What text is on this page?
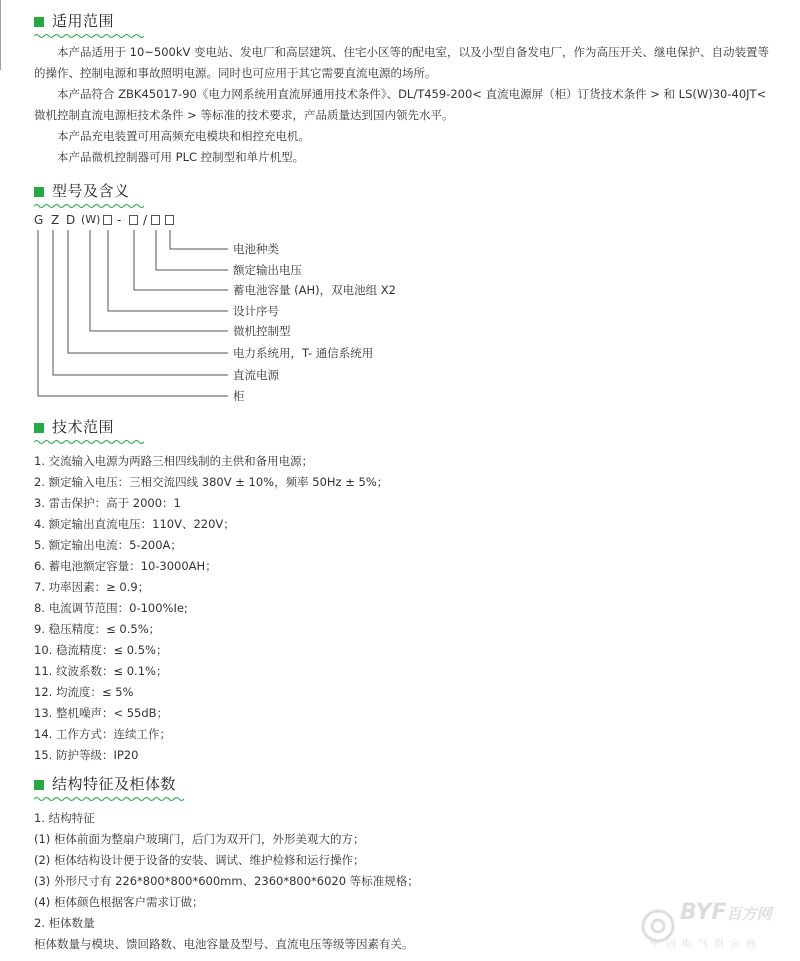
适用范围

本产品适用于 10~500kV 变电站、发电厂和高层建筑、住宅小区等的配电室，以及小型自备发电厂，作为高压开关、继电保护、自动装置等的操作、控制电源和事故照明电源。同时也可应用于其它需要直流电源的场所。

本产品符合 ZBK45017-90《电力网系统用直流屏通用技术条件》、DL/T459-200< 直流电源屏（柜）订货技术条件 > 和 LS(W)30-40JT< 微机控制直流电源柜技术条件 > 等标准的技术要求，产品质量达到国内领先水平。

本产品充电装置可用高频充电模块和相控充电机。

本产品微机控制器可用 PLC 控制型和单片机型。

型号及含义
G Z D (W) - /
电池种类
额定输出电压
蓄电池容量 (AH)，双电池组 X2
设计序号
微机控制型
电力系统用，T- 通信系统用
直流电源
柜
技术范围
1. 交流输入电源为两路三相四线制的主供和备用电源；
2. 额定输入电压：三相交流四线 380V ± 10%，频率 50Hz ± 5%；
3. 雷击保护：高于 2000：1
4. 额定输出直流电压：110V、220V；
5. 额定输出电流：5-200A；
6. 蓄电池额定容量：10-3000AH；
7. 功率因素：≥ 0.9；
8. 电流调节范围：0-100%Ie;
9. 稳压精度：≤ 0.5%；
10. 稳流精度：≤ 0.5%；
11. 纹波系数：≤ 0.1%；
12. 均流度：≤ 5%
13. 整机噪声：< 55dB；
14. 工作方式：连续工作；
15. 防护等级：IP20
结构特征及柜体数
1. 结构特征
(1) 柜体前面为整扇户玻璃门，后门为双开门，外形美观大的方；
(2) 柜体结构设计便于设备的安装、调试、维护检修和运行操作；
(3) 外形尺寸有 226*800*800*600mm、2360*800*6020 等标准规格；
(4) 柜体颜色根据客户需求订做；
2. 柜体数量
柜体数量与模块、馈回路数、电池容量及型号、直流电压等级等因素有关。
BYF百方网
中国电气供应商
